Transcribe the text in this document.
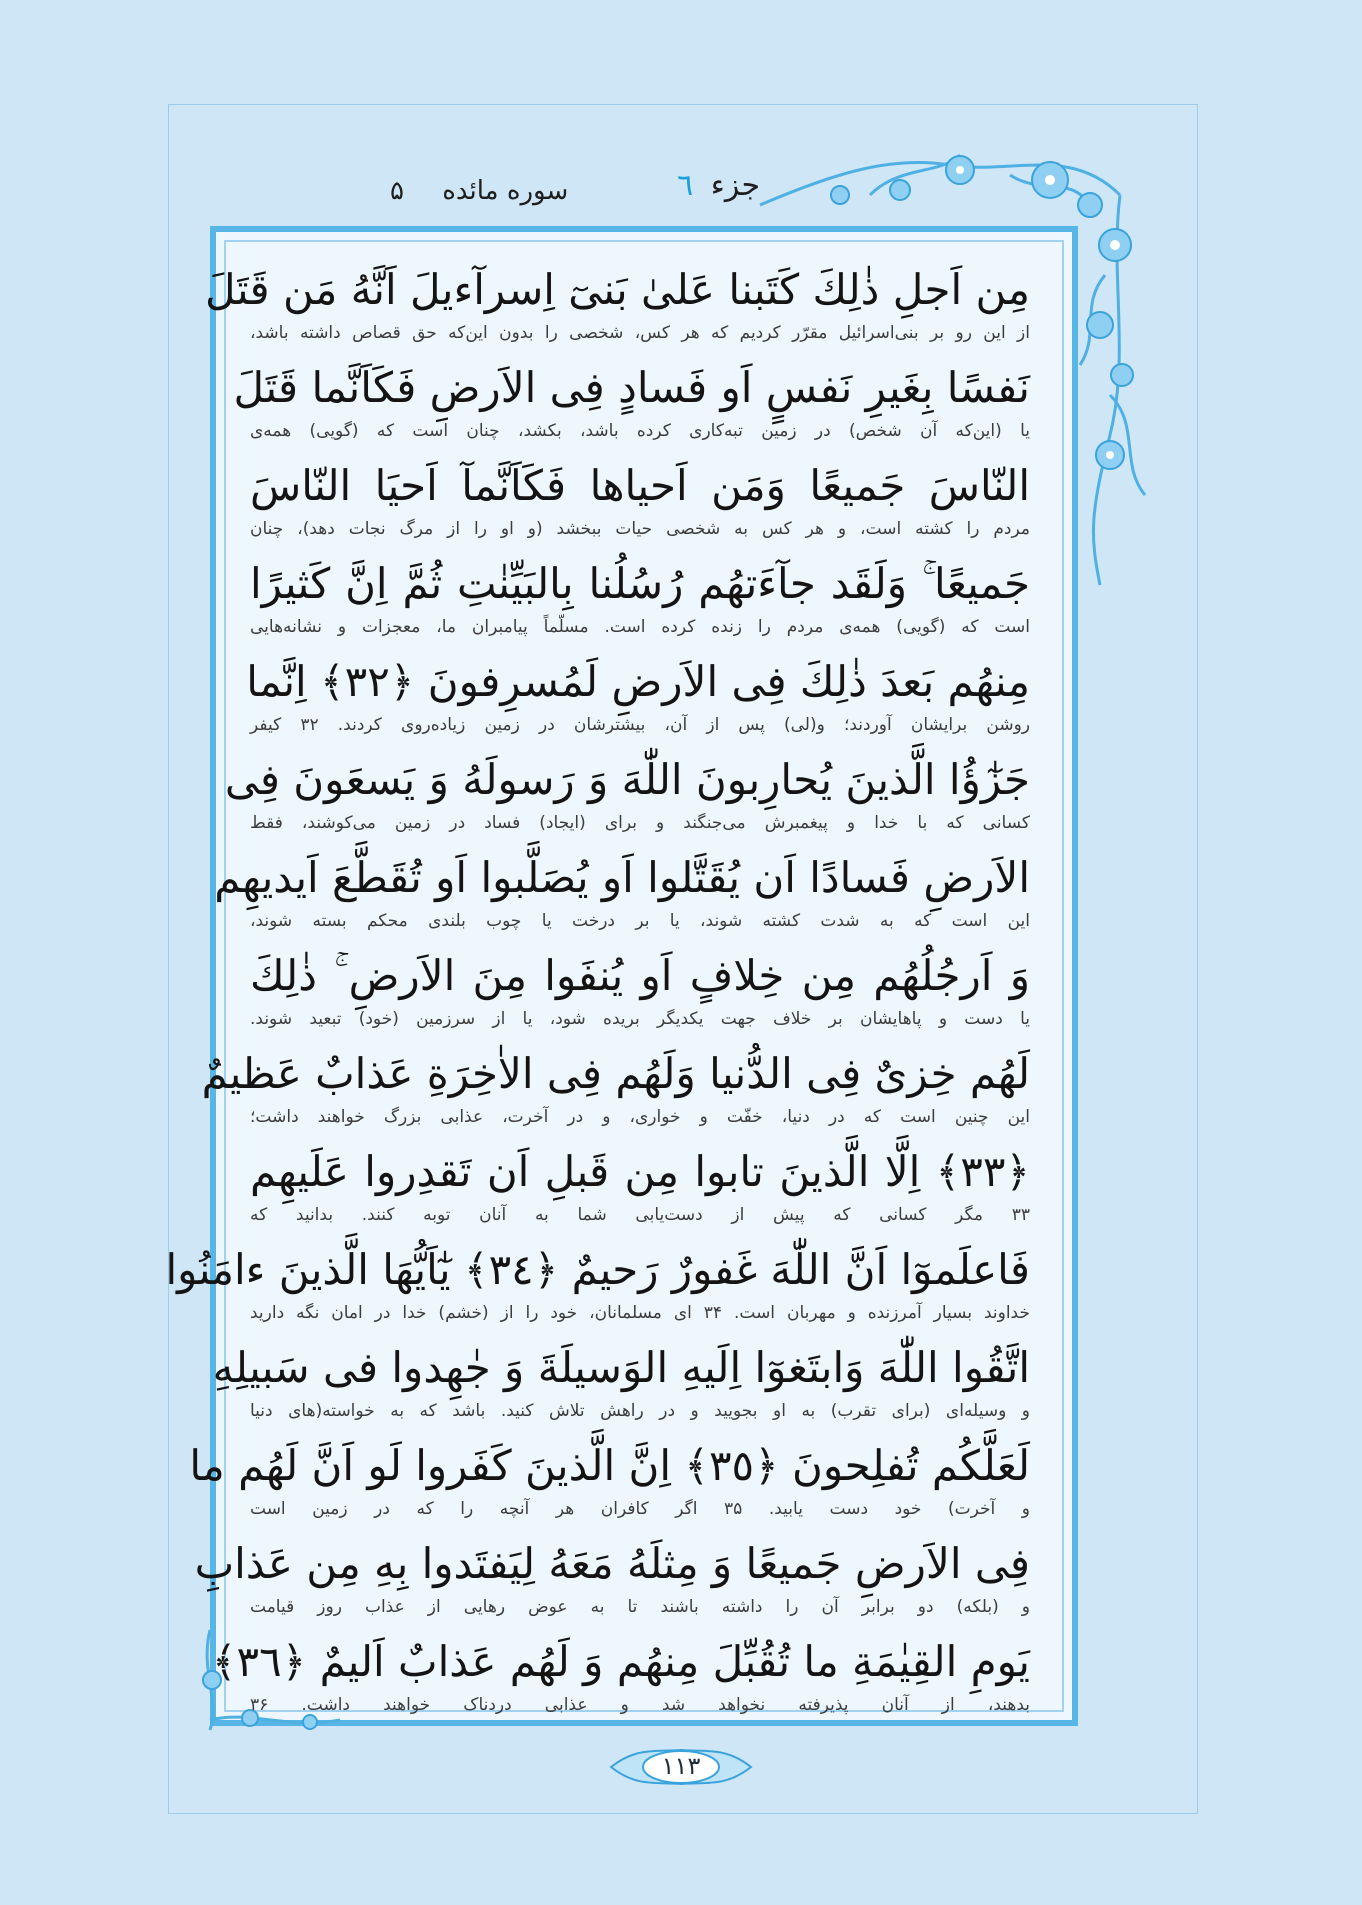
جزء ٦
سوره مائده ۵
مِن اَجلِ ذٰلِكَ كَتَبنا عَلىٰ بَنىٓ اِسرآءيلَ اَنَّهُ مَن قَتَلَ
از این رو بر بنی‌اسرائیل مقرّر کردیم که هر کس، شخصی را بدون این‌که حق قصاص داشته باشد،
نَفسًا بِغَيرِ نَفسٍ اَو فَسادٍ فِى الاَرضِ فَكَاَنَّما قَتَلَ
یا (این‌که آن شخص) در زمین تبه‌کاری کرده باشد، بکشد، چنان است که (گویی) همه‌ی
النّاسَ جَميعًا وَمَن اَحياها فَكَاَنَّمآ اَحيَا النّاسَ
مردم را کشته است، و هر کس به شخصی حیات ببخشد (و او را از مرگ نجات دهد)، چنان
جَميعًا ۚ وَلَقَد جآءَتهُم رُسُلُنا بِالبَيِّنٰتِ ثُمَّ اِنَّ كَثيرًا
است که (گویی) همه‌ی مردم را زنده کرده است. مسلّماً پیامبران ما، معجزات و نشانه‌هایی
مِنهُم بَعدَ ذٰلِكَ فِى الاَرضِ لَمُسرِفونَ ﴿٣٢﴾ اِنَّما
روشن برایشان آوردند؛ و(لی) پس از آن، بیشترشان در زمین زیاده‌روی کردند. ۳۲ کیفر
جَزٰٓؤُا الَّذينَ يُحارِبونَ اللّٰهَ وَ رَسولَهُ وَ يَسعَونَ فِى
کسانی که با خدا و پیغمبرش می‌جنگند و برای (ایجاد) فساد در زمین می‌کوشند، فقط
الاَرضِ فَسادًا اَن يُقَتَّلوا اَو يُصَلَّبوا اَو تُقَطَّعَ اَيديهِم
این است که به شدت کشته شوند، یا بر درخت یا چوب بلندی محکم بسته شوند،
وَ اَرجُلُهُم مِن خِلافٍ اَو يُنفَوا مِنَ الاَرضِ ۚ ذٰلِكَ
یا دست و پاهایشان بر خلاف جهت یکدیگر بریده شود، یا از سرزمین (خود) تبعید شوند.
لَهُم خِزىٌ فِى الدُّنيا وَلَهُم فِى الاٰخِرَةِ عَذابٌ عَظيمٌ
این چنین است که در دنیا، خفّت و خواری، و در آخرت، عذابی بزرگ خواهند داشت؛
﴿٣٣﴾ اِلَّا الَّذينَ تابوا مِن قَبلِ اَن تَقدِروا عَلَيهِم
۳۳ مگر کسانی که پیش از دست‌یابی شما به آنان توبه کنند. بدانید که
فَاعلَموٓا اَنَّ اللّٰهَ غَفورٌ رَحيمٌ ﴿٣٤﴾ يٰٓاَيُّهَا الَّذينَ ءامَنُوا
خداوند بسیار آمرزنده و مهربان است. ۳۴ ای مسلمانان، خود را از (خشم) خدا در امان نگه دارید
اتَّقُوا اللّٰهَ وَابتَغوٓا اِلَيهِ الوَسيلَةَ وَ جٰهِدوا فى سَبيلِهِ
و وسیله‌ای (برای تقرب) به او بجویید و در راهش تلاش کنید. باشد که به خواسته(های دنیا
لَعَلَّكُم تُفلِحونَ ﴿٣٥﴾ اِنَّ الَّذينَ كَفَروا لَو اَنَّ لَهُم ما
و آخرت) خود دست یابید. ۳۵ اگر کافران هر آنچه را که در زمین است
فِى الاَرضِ جَميعًا وَ مِثلَهُ مَعَهُ لِيَفتَدوا بِهِ مِن عَذابِ
و (بلکه) دو برابر آن را داشته باشند تا به عوض رهایی از عذاب روز قیامت
يَومِ القِيٰمَةِ ما تُقُبِّلَ مِنهُم وَ لَهُم عَذابٌ اَليمٌ ﴿٣٦﴾
بدهند، از آنان پذیرفته نخواهد شد و عذابی دردناک خواهند داشت. ۳۶
۱۱۳
